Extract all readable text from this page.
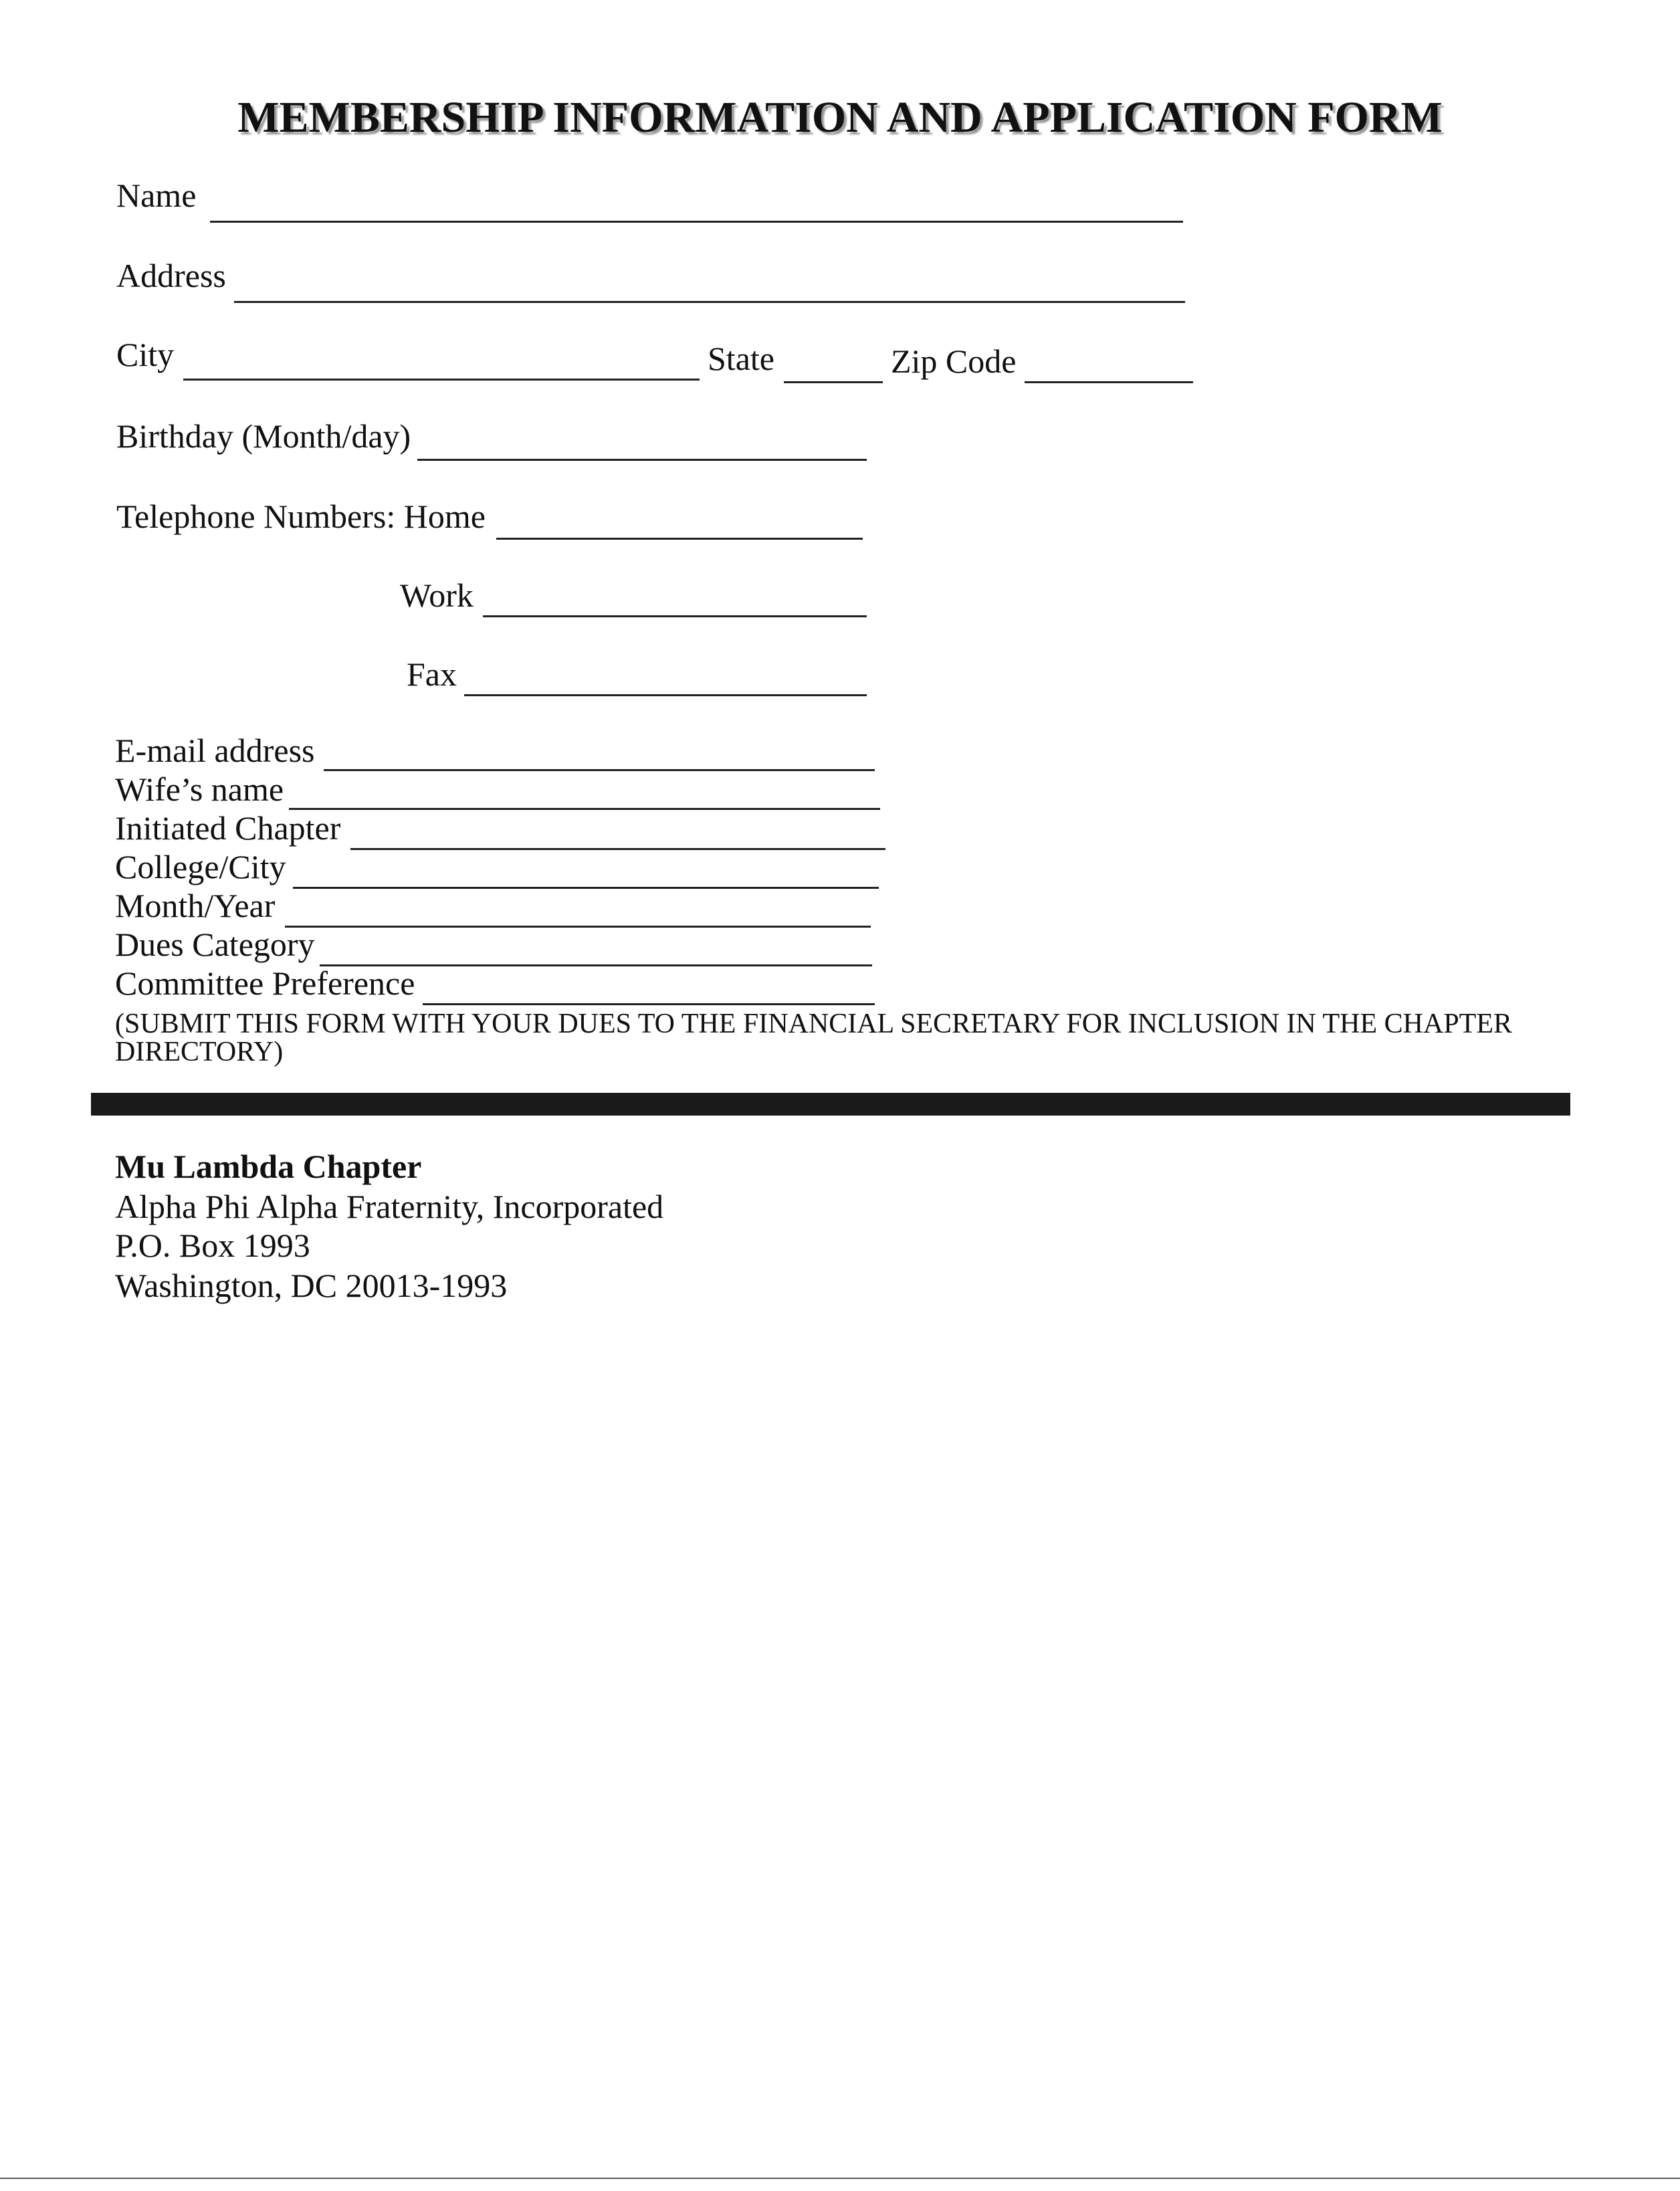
MEMBERSHIP INFORMATION AND APPLICATION FORM
Name
Address
City	State	Zip Code
Birthday (Month/day)
Telephone Numbers: Home
Work
Fax
E-mail address
Wife’s name
Initiated Chapter
College/City
Month/Year
Dues Category
Committee Preference
(SUBMIT THIS FORM WITH YOUR DUES TO THE FINANCIAL SECRETARY FOR INCLUSION IN THE CHAPTER
DIRECTORY)
Mu Lambda Chapter
Alpha Phi Alpha Fraternity, Incorporated
P.O. Box 1993
Washington, DC 20013-1993
